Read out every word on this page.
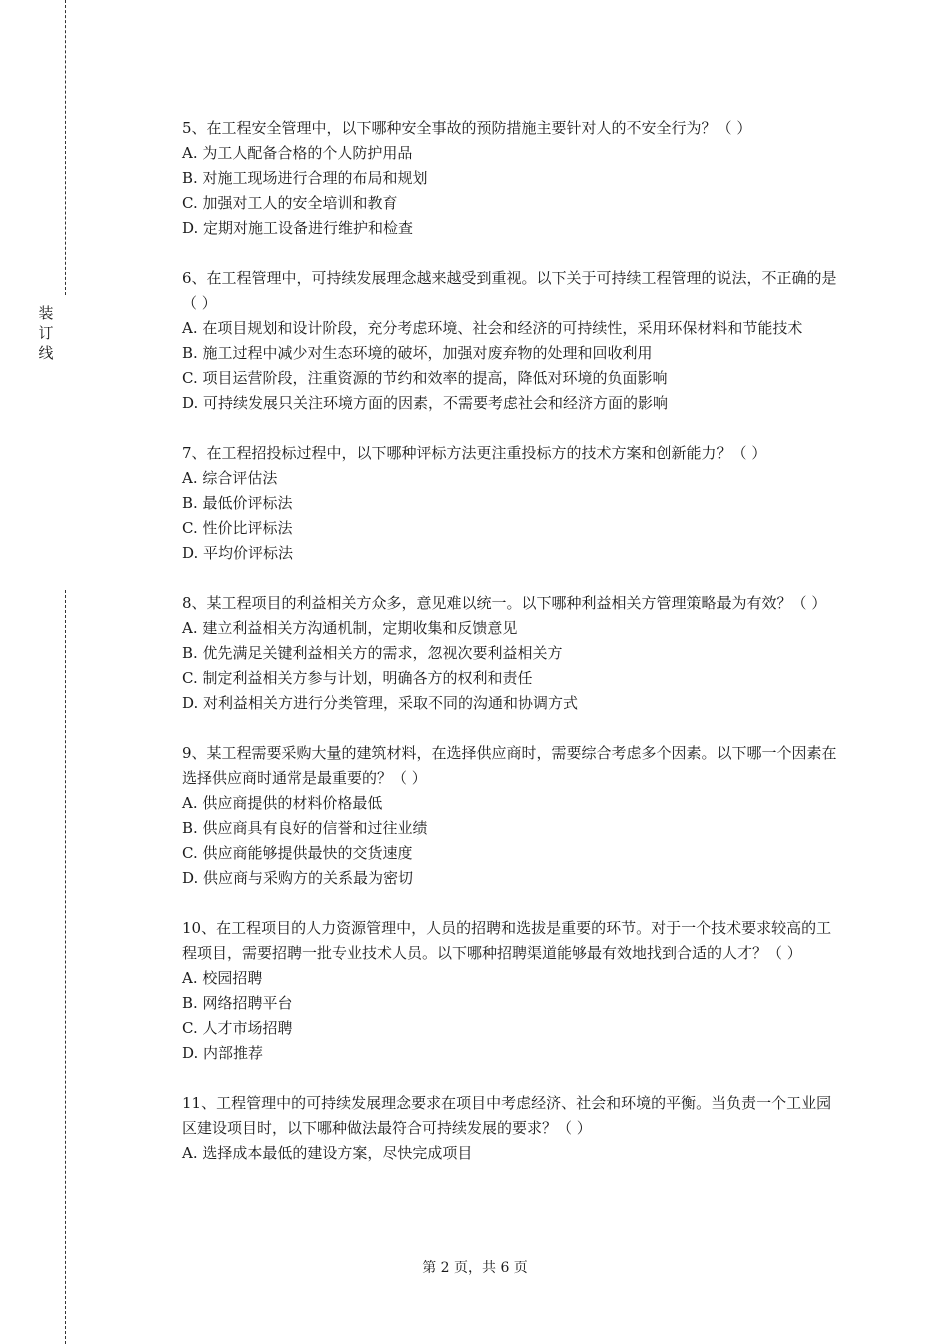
装
订
线

5、在工程安全管理中，以下哪种安全事故的预防措施主要针对人的不安全行为？（ ）

A. 为工人配备合格的个人防护用品

B. 对施工现场进行合理的布局和规划

C. 加强对工人的安全培训和教育

D. 定期对施工设备进行维护和检查

6、在工程管理中，可持续发展理念越来越受到重视。以下关于可持续工程管理的说法，不正确的是（ ）

A. 在项目规划和设计阶段，充分考虑环境、社会和经济的可持续性，采用环保材料和节能技术

B. 施工过程中减少对生态环境的破坏，加强对废弃物的处理和回收利用

C. 项目运营阶段，注重资源的节约和效率的提高，降低对环境的负面影响

D. 可持续发展只关注环境方面的因素，不需要考虑社会和经济方面的影响

7、在工程招投标过程中，以下哪种评标方法更注重投标方的技术方案和创新能力？（ ）

A. 综合评估法

B. 最低价评标法

C. 性价比评标法

D. 平均价评标法

8、某工程项目的利益相关方众多，意见难以统一。以下哪种利益相关方管理策略最为有效？（ ）

A. 建立利益相关方沟通机制，定期收集和反馈意见

B. 优先满足关键利益相关方的需求，忽视次要利益相关方

C. 制定利益相关方参与计划，明确各方的权利和责任

D. 对利益相关方进行分类管理，采取不同的沟通和协调方式

9、某工程需要采购大量的建筑材料，在选择供应商时，需要综合考虑多个因素。以下哪一个因素在选择供应商时通常是最重要的？（ ）

A. 供应商提供的材料价格最低

B. 供应商具有良好的信誉和过往业绩

C. 供应商能够提供最快的交货速度

D. 供应商与采购方的关系最为密切

10、在工程项目的人力资源管理中，人员的招聘和选拔是重要的环节。对于一个技术要求较高的工程项目，需要招聘一批专业技术人员。以下哪种招聘渠道能够最有效地找到合适的人才？（ ）

A. 校园招聘

B. 网络招聘平台

C. 人才市场招聘

D. 内部推荐

11、工程管理中的可持续发展理念要求在项目中考虑经济、社会和环境的平衡。当负责一个工业园区建设项目时，以下哪种做法最符合可持续发展的要求？（ ）

A. 选择成本最低的建设方案，尽快完成项目

第 2 页，共 6 页
